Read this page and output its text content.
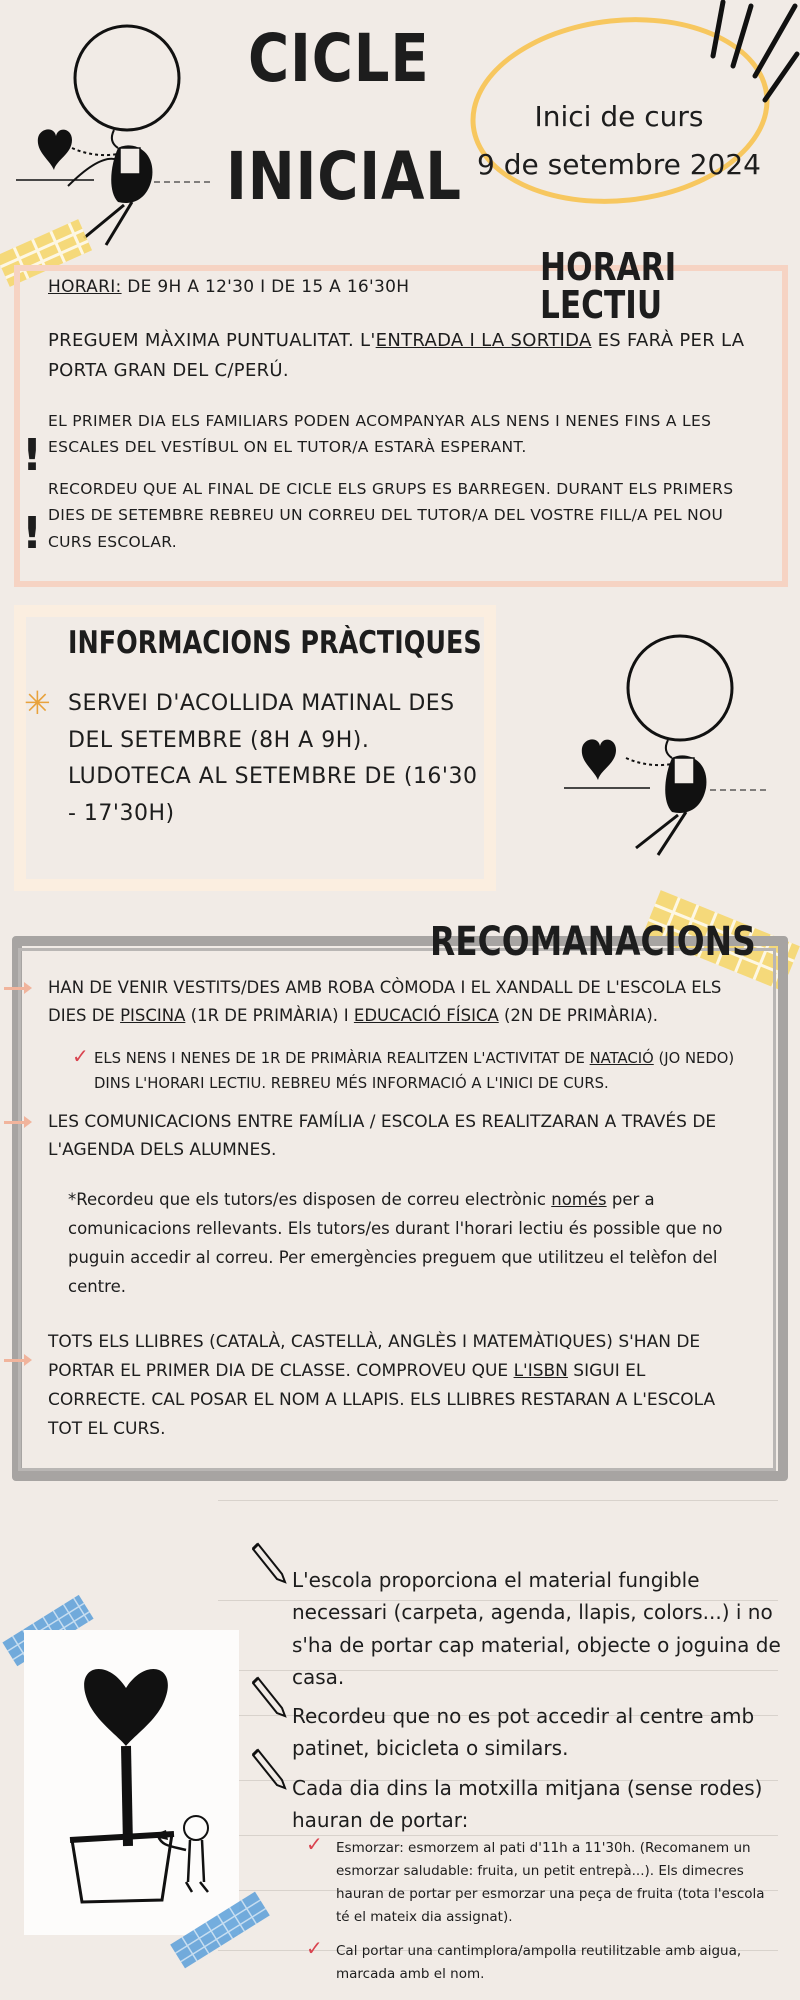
CICLE
INICIAL
Inici de curs
9 de setembre 2024
HORARI LECTIU
HORARI: DE 9H A 12'30 I DE 15 A 16'30H
PREGUEM MÀXIMA PUNTUALITAT. L'ENTRADA I LA SORTIDA ES FARÀ PER LA PORTA GRAN DEL C/PERÚ.
EL PRIMER DIA ELS FAMILIARS PODEN ACOMPANYAR ALS NENS I NENES FINS A LES ESCALES DEL VESTÍBUL ON EL TUTOR/A ESTARÀ ESPERANT.
!
!
RECORDEU QUE AL FINAL DE CICLE ELS GRUPS ES BARREGEN. DURANT ELS PRIMERS DIES DE SETEMBRE REBREU UN CORREU DEL TUTOR/A DEL VOSTRE FILL/A PEL NOU CURS ESCOLAR.
INFORMACIONS PRÀCTIQUES
✳ SERVEI D'ACOLLIDA MATINAL DES DEL SETEMBRE (8H A 9H). LUDOTECA AL SETEMBRE DE (16'30 - 17'30H)
RECOMANACIONS
HAN DE VENIR VESTITS/DES AMB ROBA CÒMODA I EL XANDALL DE L'ESCOLA ELS DIES DE PISCINA (1R DE PRIMÀRIA) I EDUCACIÓ FÍSICA (2N DE PRIMÀRIA).
✓ ELS NENS I NENES DE 1R DE PRIMÀRIA REALITZEN L'ACTIVITAT DE NATACIÓ (JO NEDO) DINS L'HORARI LECTIU. REBREU MÉS INFORMACIÓ A L'INICI DE CURS.
LES COMUNICACIONS ENTRE FAMÍLIA / ESCOLA ES REALITZARAN A TRAVÉS DE L'AGENDA DELS ALUMNES.
*Recordeu que els tutors/es disposen de correu electrònic només per a comunicacions rellevants. Els tutors/es durant l'horari lectiu és possible que no puguin accedir al correu. Per emergències preguem que utilitzeu el telèfon del centre.
TOTS ELS LLIBRES (CATALÀ, CASTELLÀ, ANGLÈS I MATEMÀTIQUES) S'HAN DE PORTAR EL PRIMER DIA DE CLASSE. COMPROVEU QUE L'ISBN SIGUI EL CORRECTE. CAL POSAR EL NOM A LLAPIS. ELS LLIBRES RESTARAN A L'ESCOLA TOT EL CURS.
L'escola proporciona el material fungible necessari (carpeta, agenda, llapis, colors...) i no s'ha de portar cap material, objecte o joguina de casa.
Recordeu que no es pot accedir al centre amb patinet, bicicleta o similars.
Cada dia dins la motxilla mitjana (sense rodes) hauran de portar:
✓ Esmorzar: esmorzem al pati d'11h a 11'30h. (Recomanem un esmorzar saludable: fruita, un petit entrepà...). Els dimecres hauran de portar per esmorzar una peça de fruita (tota l'escola té el mateix dia assignat).
✓ Cal portar una cantimplora/ampolla reutilitzable amb aigua, marcada amb el nom.
